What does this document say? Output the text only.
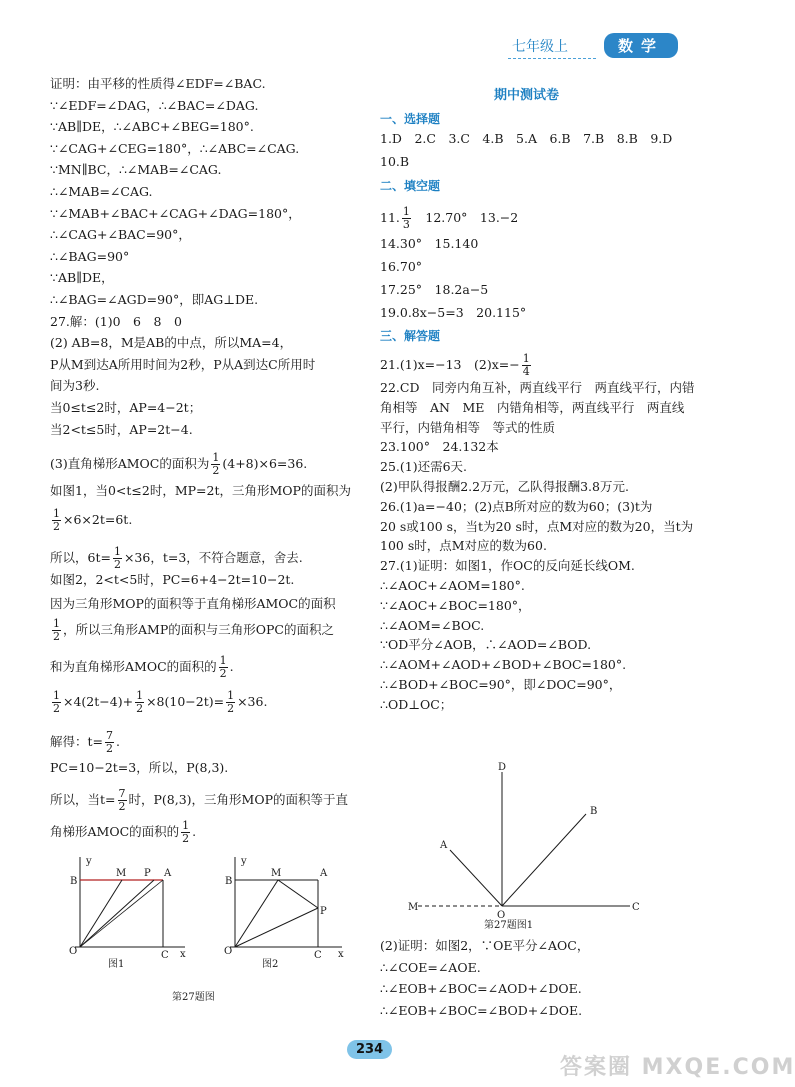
七年级上	数学
证明：由平移的性质得∠EDF=∠BAC.
∵∠EDF=∠DAG，∴∠BAC=∠DAG.
∵AB∥DE，∴∠ABC+∠BEG=180°.
∵∠CAG+∠CEG=180°，∴∠ABC=∠CAG.
∵MN∥BC，∴∠MAB=∠CAG.
∴∠MAB=∠CAG.
∵∠MAB+∠BAC+∠CAG+∠DAG=180°，
∴∠CAG+∠BAC=90°，
∴∠BAG=90°
∵AB∥DE，
∴∠BAG=∠AGD=90°，即AG⊥DE.
27.解：(1)0　6　8　0
(2) AB=8，M是AB的中点，所以MA=4，
P从M到达A所用时间为2秒，P从A到达C所用时
间为3秒.
当0≤t≤2时，AP=4−2t；
当2<t≤5时，AP=2t−4.
(3)直角梯形AMOC的面积为 $\frac{1}{2} (4+8)\times 6=36$.
如图1，当0<t≤2时，MP=2t，三角形MOP的面积为
$\frac{1}{2} \times 6\times 2t=6t$.
所以，$6t= \frac{1}{2} \times 36$，t=3，不符合题意，舍去.
如图2，2<t<5时，PC=6+4−2t=10−2t.
因为三角形MOP的面积等于直角梯形AMOC的面积
$\frac{1}{2}$ ，所以三角形AMP的面积与三角形OPC的面积之
和为直角梯形AMOC的面积的 $\frac{1}{2}$ .
$\frac{1}{2} \times 4(2t-4)+ \frac{1}{2} \times 8(10-2t)= \frac{1}{2} \times 36$.
解得：$t= \frac{7}{2}$ .
PC=10−2t=3，所以，P(8,3).
所以，当$t= \frac{7}{2}$ 时，P(8,3)，三角形MOP的面积等于直
角梯形AMOC的面积的 $\frac{1}{2}$ .
y
x
O
B
M P A
C
图1
y
x
O
B
M	A
P
C
图2
第27题图
期中测试卷
一、选择题
1.D　2.C　3.C　4.B　5.A　6.B　7.B　8.B　9.D
10.B
二、填空题
11. $\frac{1}{3}$ 　12.70°　13.−2
14.30°　15.140
16.70°
17.25°　18.2a−5
19.0.8x−5=3　20.115°
三、解答题
21.(1)x=−13　$(2)x=- \frac{1}{4}$
22.CD　同旁内角互补，两直线平行　两直线平行，内错
角相等　AN　ME　内错角相等，两直线平行　两直线
平行，内错角相等　等式的性质
23.100°　24.132本
25.(1)还需6天.
(2)甲队得报酬2.2万元，乙队得报酬3.8万元.
26.(1)a=−40；(2)点B所对应的数为60；(3)t为
20 s或100 s，当t为20 s时，点M对应的数为20，当t为
100 s时，点M对应的数为60.
27.(1)证明：如图1，作OC的反向延长线OM.
∴∠AOC+∠AOM=180°.
∵∠AOC+∠BOC=180°，
∴∠AOM=∠BOC.
∵OD平分∠AOB，∴∠AOD=∠BOD.
∴∠AOM+∠AOD+∠BOD+∠BOC=180°.
∴∠BOD+∠BOC=90°，即∠DOC=90°，
∴OD⊥OC；
D
B
A
M	C
O
第27题图1
(2)证明：如图2，∵OE平分∠AOC，
∴∠COE=∠AOE.
∴∠EOB+∠BOC=∠AOD+∠DOE.
∴∠EOB+∠BOC=∠BOD+∠DOE.
234
答案圈 MXQE.COM
